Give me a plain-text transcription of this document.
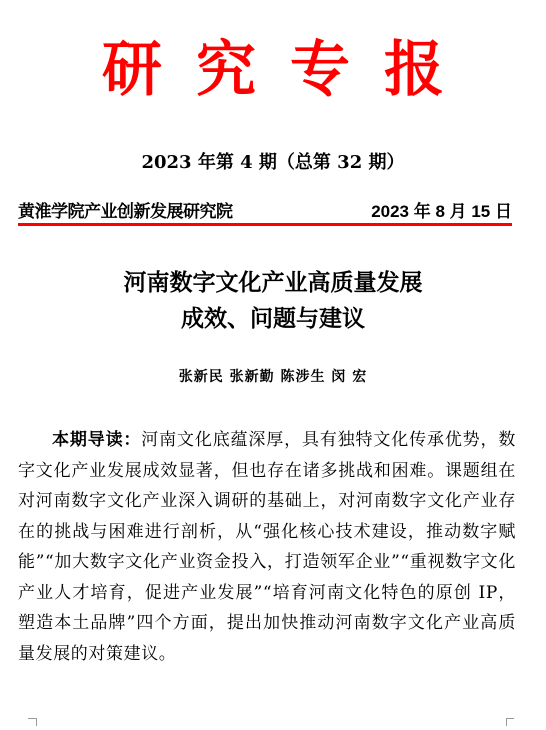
研究专报
2023 年第 4 期（总第 32 期）
黄淮学院产业创新发展研究院	2023 年 8 月 15 日
河南数字文化产业高质量发展
成效、问题与建议
张新民 张新勤 陈涉生 闵 宏
本期导读：河南文化底蕴深厚，具有独特文化传承优势，数字文化产业发展成效显著，但也存在诸多挑战和困难。课题组在对河南数字文化产业深入调研的基础上，对河南数字文化产业存在的挑战与困难进行剖析，从“强化核心技术建设，推动数字赋能”“加大数字文化产业资金投入，打造领军企业”“重视数字文化产业人才培育，促进产业发展”“培育河南文化特色的原创 IP，塑造本土品牌”四个方面，提出加快推动河南数字文化产业高质量发展的对策建议。
